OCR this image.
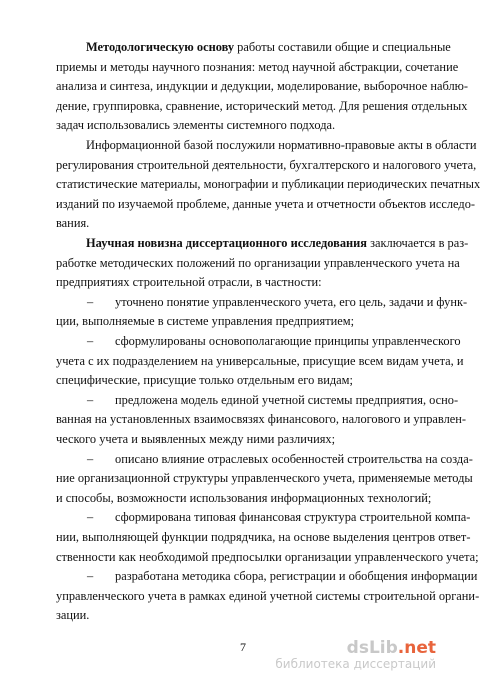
Методологическую основу работы составили общие и специальные
приемы и методы научного познания: метод научной абстракции, сочетание
анализа и синтеза, индукции и дедукции, моделирование, выборочное наблю-
дение, группировка, сравнение, исторический метод. Для решения отдельных
задач использовались элементы системного подхода.
Информационной базой послужили нормативно-правовые акты в области
регулирования строительной деятельности, бухгалтерского и налогового учета,
статистические материалы, монографии и публикации периодических печатных
изданий по изучаемой проблеме, данные учета и отчетности объектов исследо-
вания.
Научная новизна диссертационного исследования заключается в раз-
работке методических положений по организации управленческого учета на
предприятиях строительной отрасли, в частности:
– уточнено понятие управленческого учета, его цель, задачи и функ-
ции, выполняемые в системе управления предприятием;
– сформулированы основополагающие принципы управленческого
учета с их подразделением на универсальные, присущие всем видам учета, и
специфические, присущие только отдельным его видам;
– предложена модель единой учетной системы предприятия, осно-
ванная на установленных взаимосвязях финансового, налогового и управлен-
ческого учета и выявленных между ними различиях;
– описано влияние отраслевых особенностей строительства на созда-
ние организационной структуры управленческого учета, применяемые методы
и способы, возможности использования информационных технологий;
– сформирована типовая финансовая структура строительной компа-
нии, выполняющей функции подрядчика, на основе выделения центров ответ-
ственности как необходимой предпосылки организации управленческого учета;
– разработана методика сбора, регистрации и обобщения информации
управленческого учета в рамках единой учетной системы строительной органи-
зации.
7	dsLib.net
библиотека диссертаций
